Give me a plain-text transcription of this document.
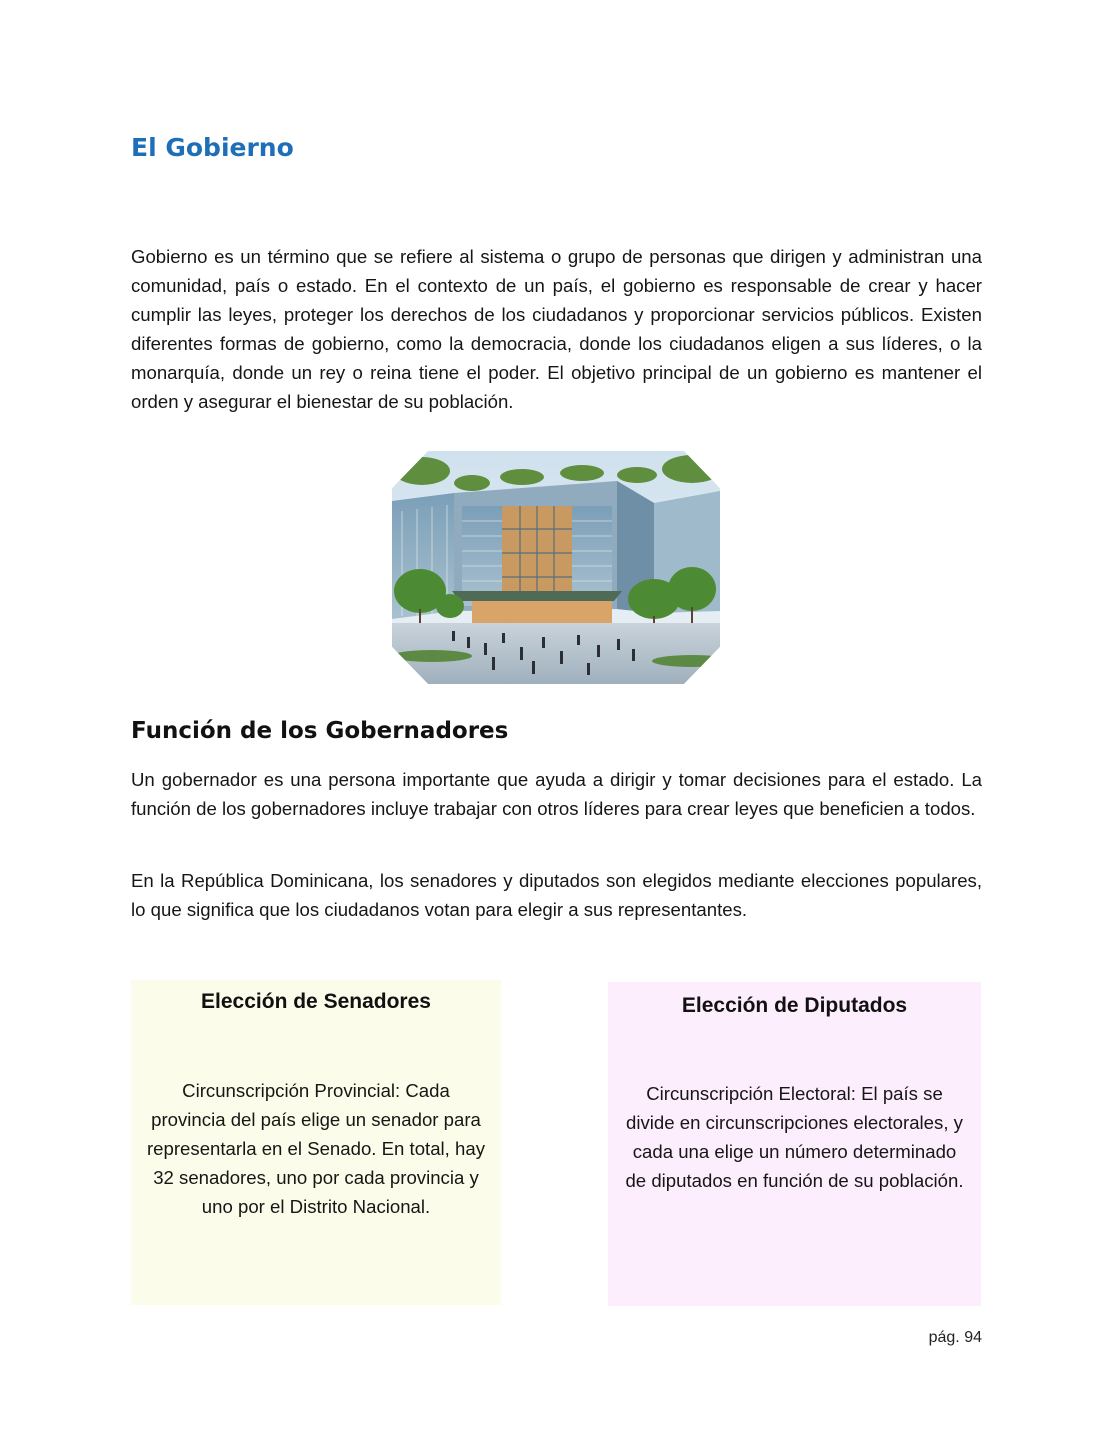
El Gobierno

Gobierno es un término que se refiere al sistema o grupo de personas que dirigen y administran una comunidad, país o estado. En el contexto de un país, el gobierno es responsable de crear y hacer cumplir las leyes, proteger los derechos de los ciudadanos y proporcionar servicios públicos. Existen diferentes formas de gobierno, como la democracia, donde los ciudadanos eligen a sus líderes, o la monarquía, donde un rey o reina tiene el poder. El objetivo principal de un gobierno es mantener el orden y asegurar el bienestar de su población.

Función de los Gobernadores

Un gobernador es una persona importante que ayuda a dirigir y tomar decisiones para el estado. La función de los gobernadores incluye trabajar con otros líderes para crear leyes que beneficien a todos.

En la República Dominicana, los senadores y diputados son elegidos mediante elecciones populares, lo que significa que los ciudadanos votan para elegir a sus representantes.

Elección de Senadores

Circunscripción Provincial: Cada provincia del país elige un senador para representarla en el Senado. En total, hay 32 senadores, uno por cada provincia y uno por el Distrito Nacional.

Elección de Diputados

Circunscripción Electoral: El país se divide en circunscripciones electorales, y cada una elige un número determinado de diputados en función de su población.

pág. 94
